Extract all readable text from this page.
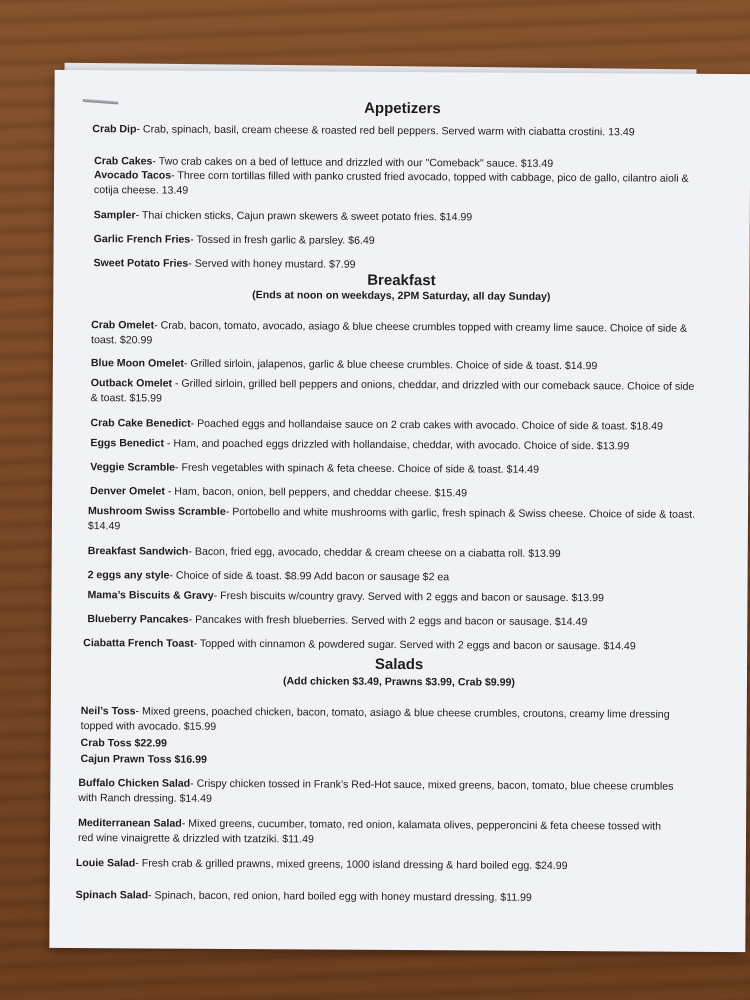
Appetizers
Crab Dip- Crab, spinach, basil, cream cheese & roasted red bell peppers. Served warm with ciabatta crostini. 13.49
Crab Cakes- Two crab cakes on a bed of lettuce and drizzled with our "Comeback" sauce. $13.49
Avocado Tacos- Three corn tortillas filled with panko crusted fried avocado, topped with cabbage, pico de gallo, cilantro aioli &
cotija cheese. 13.49
Sampler- Thai chicken sticks, Cajun prawn skewers & sweet potato fries. $14.99
Garlic French Fries- Tossed in fresh garlic & parsley. $6.49
Sweet Potato Fries- Served with honey mustard. $7.99
Breakfast
(Ends at noon on weekdays, 2PM Saturday, all day Sunday)
Crab Omelet- Crab, bacon, tomato, avocado, asiago & blue cheese crumbles topped with creamy lime sauce. Choice of side &
toast. $20.99
Blue Moon Omelet- Grilled sirloin, jalapenos, garlic & blue cheese crumbles. Choice of side & toast. $14.99
Outback Omelet - Grilled sirloin, grilled bell peppers and onions, cheddar, and drizzled with our comeback sauce. Choice of side
& toast. $15.99
Crab Cake Benedict- Poached eggs and hollandaise sauce on 2 crab cakes with avocado. Choice of side & toast. $18.49
Eggs Benedict - Ham, and poached eggs drizzled with hollandaise, cheddar, with avocado. Choice of side. $13.99
Veggie Scramble- Fresh vegetables with spinach & feta cheese. Choice of side & toast. $14.49
Denver Omelet - Ham, bacon, onion, bell peppers, and cheddar cheese. $15.49
Mushroom Swiss Scramble- Portobello and white mushrooms with garlic, fresh spinach & Swiss cheese. Choice of side & toast.
$14.49
Breakfast Sandwich- Bacon, fried egg, avocado, cheddar & cream cheese on a ciabatta roll. $13.99
2 eggs any style- Choice of side & toast. $8.99 Add bacon or sausage $2 ea
Mama’s Biscuits & Gravy- Fresh biscuits w/country gravy. Served with 2 eggs and bacon or sausage. $13.99
Blueberry Pancakes- Pancakes with fresh blueberries. Served with 2 eggs and bacon or sausage. $14.49
Ciabatta French Toast- Topped with cinnamon & powdered sugar. Served with 2 eggs and bacon or sausage. $14.49
Salads
(Add chicken $3.49, Prawns $3.99, Crab $9.99)
Neil’s Toss- Mixed greens, poached chicken, bacon, tomato, asiago & blue cheese crumbles, croutons, creamy lime dressing
topped with avocado. $15.99
Crab Toss $22.99
Cajun Prawn Toss $16.99
Buffalo Chicken Salad- Crispy chicken tossed in Frank’s Red-Hot sauce, mixed greens, bacon, tomato, blue cheese crumbles
with Ranch dressing. $14.49
Mediterranean Salad- Mixed greens, cucumber, tomato, red onion, kalamata olives, pepperoncini & feta cheese tossed with
red wine vinaigrette & drizzled with tzatziki. $11.49
Louie Salad- Fresh crab & grilled prawns, mixed greens, 1000 island dressing & hard boiled egg. $24.99
Spinach Salad- Spinach, bacon, red onion, hard boiled egg with honey mustard dressing. $11.99
